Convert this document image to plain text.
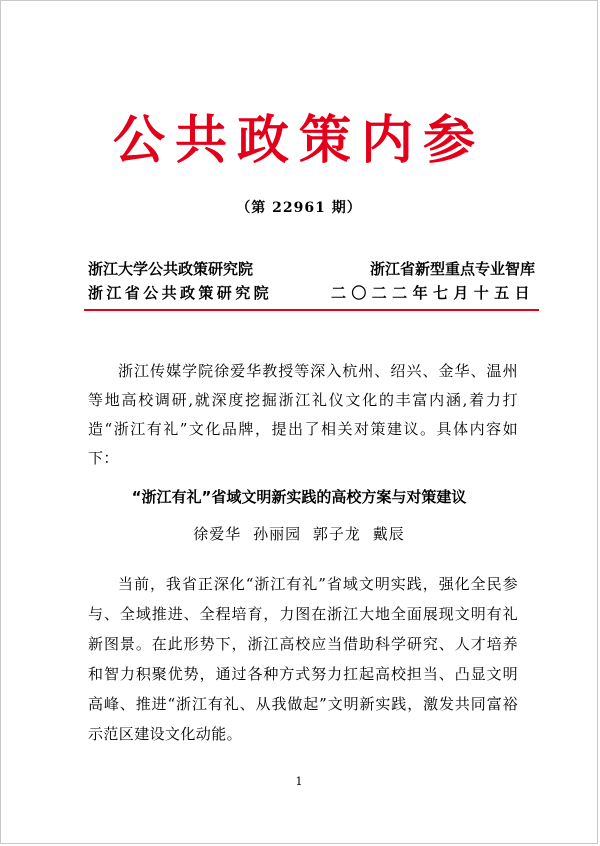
公共政策内参
（第 22961 期）
浙江大学公共政策研究院	浙江省新型重点专业智库
浙江省公共政策研究院	二〇二二年七月十五日

浙江传媒学院徐爱华教授等深入杭州、绍兴、金华、温州等地高校调研,就深度挖掘浙江礼仪文化的丰富内涵,着力打造“浙江有礼”文化品牌，提出了相关对策建议。具体内容如下：

“浙江有礼”省域文明新实践的高校方案与对策建议
徐爱华 孙丽园 郭子龙 戴辰

当前，我省正深化“浙江有礼”省域文明实践，强化全民参与、全域推进、全程培育，力图在浙江大地全面展现文明有礼新图景。在此形势下，浙江高校应当借助科学研究、人才培养和智力积聚优势，通过各种方式努力扛起高校担当、凸显文明高峰、推进“浙江有礼、从我做起”文明新实践，激发共同富裕示范区建设文化动能。

1
